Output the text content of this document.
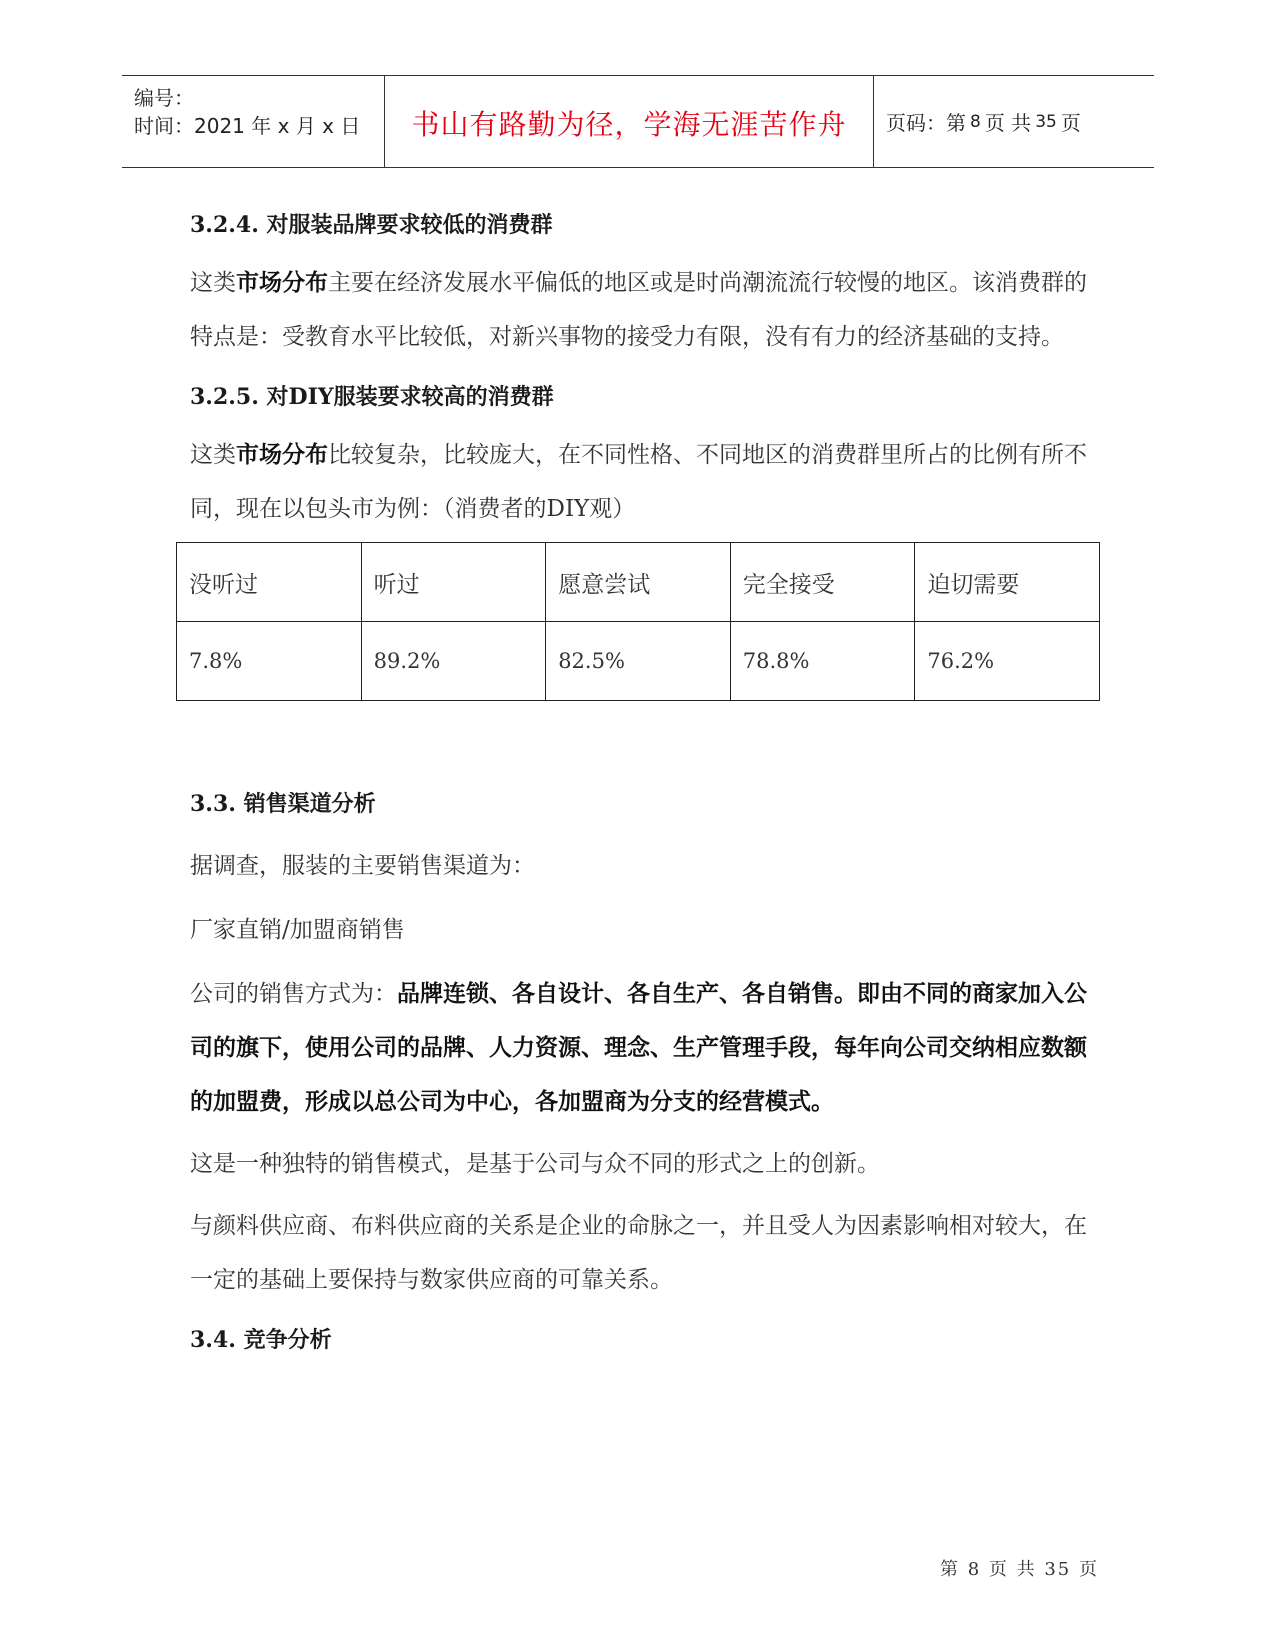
编号：
时间：2021 年 x 月 x 日 书山有路勤为径，学海无涯苦作舟 页码：第 8 页 共 35 页
3.2.4. 对服装品牌要求较低的消费群
这类市场分布主要在经济发展水平偏低的地区或是时尚潮流流行较慢的地区。该消费群的特点是：受教育水平比较低，对新兴事物的接受力有限，没有有力的经济基础的支持。
3.2.5. 对DIY服装要求较高的消费群
这类市场分布比较复杂，比较庞大，在不同性格、不同地区的消费群里所占的比例有所不同，现在以包头市为例：（消费者的DIY观）
没听过	听过	愿意尝试	完全接受	迫切需要
7.8%	89.2%	82.5%	78.8%	76.2%
3.3. 销售渠道分析
据调查，服装的主要销售渠道为：
厂家直销/加盟商销售
公司的销售方式为：品牌连锁、各自设计、各自生产、各自销售。即由不同的商家加入公司的旗下，使用公司的品牌、人力资源、理念、生产管理手段，每年向公司交纳相应数额的加盟费，形成以总公司为中心，各加盟商为分支的经营模式。
这是一种独特的销售模式，是基于公司与众不同的形式之上的创新。
与颜料供应商、布料供应商的关系是企业的命脉之一，并且受人为因素影响相对较大，在一定的基础上要保持与数家供应商的可靠关系。
3.4. 竞争分析
第 8 页 共 35 页
